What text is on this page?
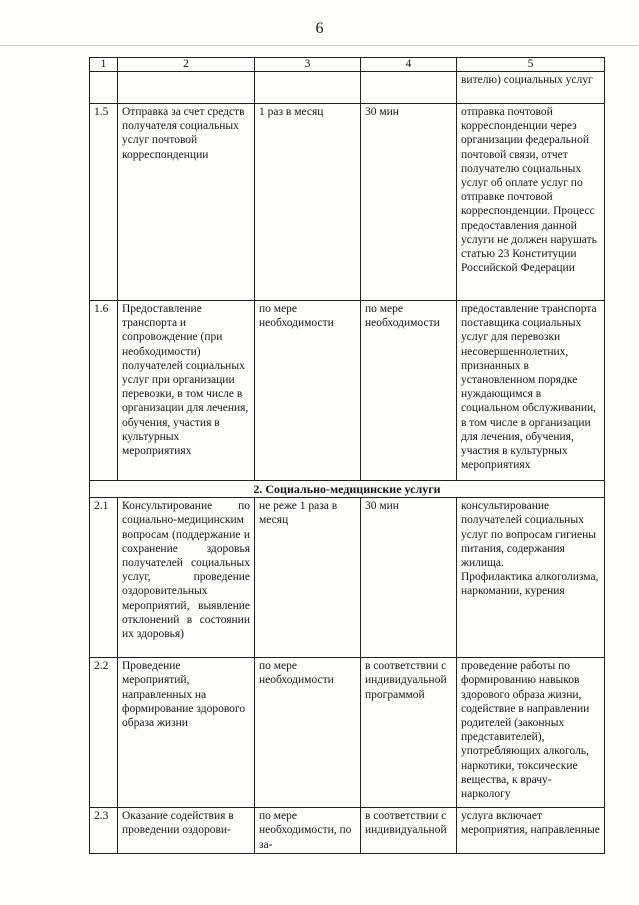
6
1	2	3	4	5
				вителю) социальных услуг
1.5	Отправка за счет средств получателя социальных услуг почтовой корреспонденции	1 раз в месяц	30 мин	отправка почтовой корреспонденции через организации федеральной почтовой связи, отчет получателю социальных услуг об оплате услуг по отправке почтовой корреспонденции. Процесс предоставления данной услуги не должен нарушать статью 23 Конституции Российской Федерации
1.6	Предоставление транспорта и сопровождение (при необходимости) получателей социальных услуг при организации перевозки, в том числе в организации для лечения, обучения, участия в культурных мероприятиях	по мере необходимости	по мере необходимости	предоставление транспорта поставщика социальных услуг для перевозки несовершеннолетних, признанных в установленном порядке нуждающимся в социальном обслуживании, в том числе в организации для лечения, обучения, участия в культурных мероприятиях
2. Социально-медицинские услуги				
2.1	Консультирование по социально-медицинским вопросам (поддержание и сохранение здоровья получателей социальных услуг, проведение оздоровительных мероприятий, выявление отклонений в состоянии их здоровья)	не реже 1 раза в месяц	30 мин	консультирование получателей социальных услуг по вопросам гигиены питания, содержания жилища.
Профилактика алкоголизма, наркомании, курения

2.2	Проведение мероприятий, направленных на формирование здорового образа жизни	по мере необходимости	в соответствии с индивидуальной программой	проведение работы по формированию навыков здорового образа жизни, содействие в направлении родителей (законных представителей), употребляющих алкоголь, наркотики, токсические вещества, к врачу-наркологу
2.3	Оказание содействия в проведении оздорови-	по мере необходимости, по за-	в соответствии с индивидуальной	услуга включает мероприятия, направленные
